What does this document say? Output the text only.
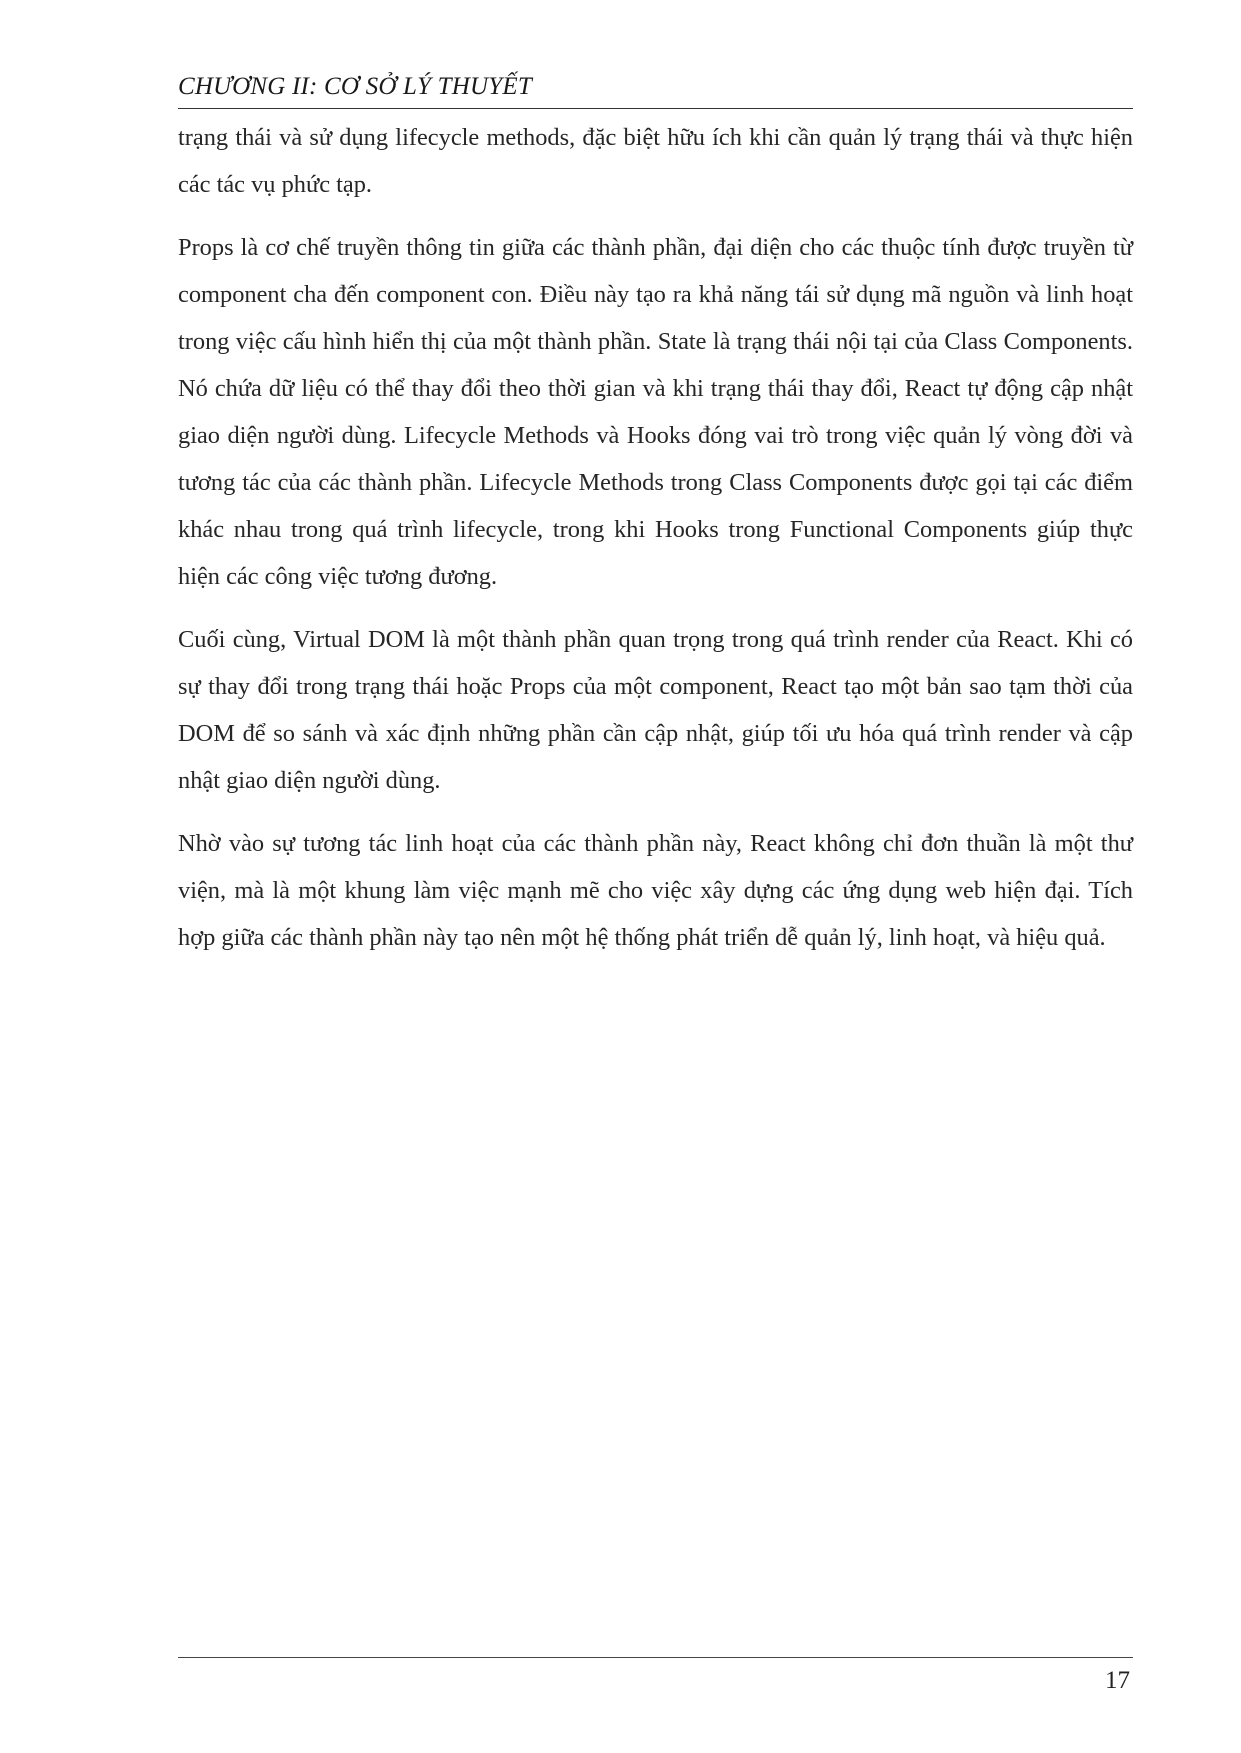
CHƯƠNG II: CƠ SỞ LÝ THUYẾT

trạng thái và sử dụng lifecycle methods, đặc biệt hữu ích khi cần quản lý trạng thái và thực hiện các tác vụ phức tạp.

Props là cơ chế truyền thông tin giữa các thành phần, đại diện cho các thuộc tính được truyền từ component cha đến component con. Điều này tạo ra khả năng tái sử dụng mã nguồn và linh hoạt trong việc cấu hình hiển thị của một thành phần. State là trạng thái nội tại của Class Components. Nó chứa dữ liệu có thể thay đổi theo thời gian và khi trạng thái thay đổi, React tự động cập nhật giao diện người dùng. Lifecycle Methods và Hooks đóng vai trò trong việc quản lý vòng đời và tương tác của các thành phần. Lifecycle Methods trong Class Components được gọi tại các điểm khác nhau trong quá trình lifecycle, trong khi Hooks trong Functional Components giúp thực hiện các công việc tương đương.

Cuối cùng, Virtual DOM là một thành phần quan trọng trong quá trình render của React. Khi có sự thay đổi trong trạng thái hoặc Props của một component, React tạo một bản sao tạm thời của DOM để so sánh và xác định những phần cần cập nhật, giúp tối ưu hóa quá trình render và cập nhật giao diện người dùng.

Nhờ vào sự tương tác linh hoạt của các thành phần này, React không chỉ đơn thuần là một thư viện, mà là một khung làm việc mạnh mẽ cho việc xây dựng các ứng dụng web hiện đại. Tích hợp giữa các thành phần này tạo nên một hệ thống phát triển dễ quản lý, linh hoạt, và hiệu quả.

17
